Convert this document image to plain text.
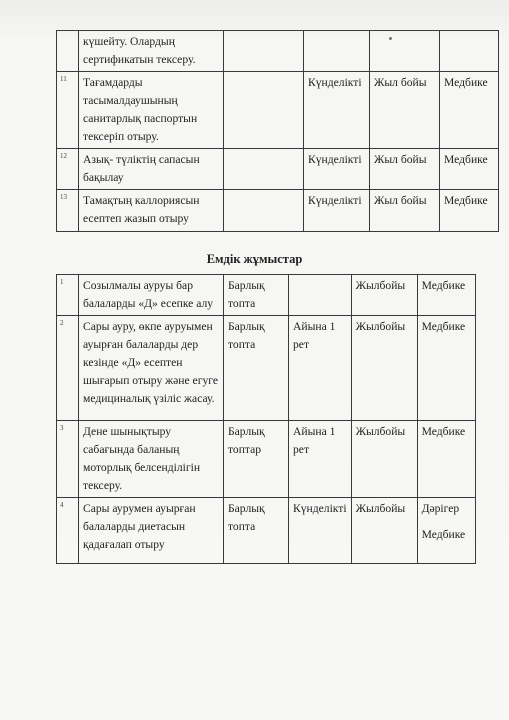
	күшейту. Олардың сертификатын тексеру.				
11	Тағамдарды тасымалдаушының санитарлық паспортын тексеріп отыру.		Күнделікті	Жыл бойы	Медбике
12	Азық- түліктің сапасын бақылау		Күнделікті	Жыл бойы	Медбике
13	Тамақтың каллориясын есептеп жазып отыру		Күнделікті	Жыл бойы	Медбике
Емдік жұмыстар
1	Созылмалы ауруы бар балаларды «Д» есепке алу	Барлық топта		Жылбойы	Медбике
2	Сары ауру, өкпе ауруымен ауырған балаларды дер кезінде «Д» есептен шығарып отыру және егуге медициналық үзіліс жасау.	Барлық топта	Айына 1 рет	Жылбойы	Медбике
3	Дене шынықтыру сабағында баланың моторлық белсенділігін тексеру.	Барлық топтар	Айына 1 рет	Жылбойы	Медбике
4	Сары аурумен ауырған балаларды диетасын қадағалап отыру	Барлық топта	Күнделікті	Жылбойы	Дәрігер
Медбике
